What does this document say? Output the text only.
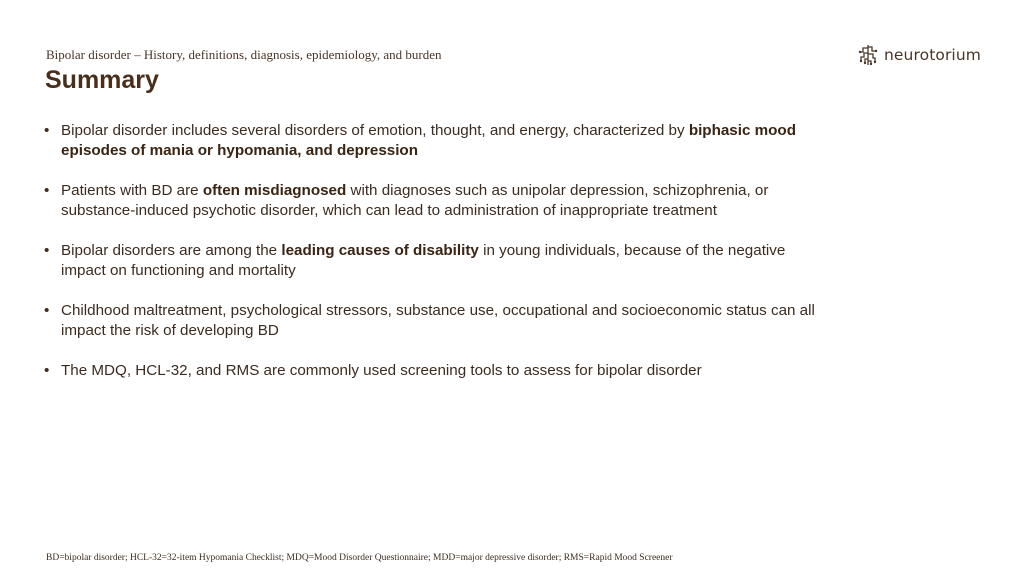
Bipolar disorder – History, definitions, diagnosis, epidemiology, and burden
Summary
neurotorium
• Bipolar disorder includes several disorders of emotion, thought, and energy, characterized by biphasic mood episodes of mania or hypomania, and depression
• Patients with BD are often misdiagnosed with diagnoses such as unipolar depression, schizophrenia, or substance-induced psychotic disorder, which can lead to administration of inappropriate treatment
• Bipolar disorders are among the leading causes of disability in young individuals, because of the negative impact on functioning and mortality
• Childhood maltreatment, psychological stressors, substance use, occupational and socioeconomic status can all impact the risk of developing BD
• The MDQ, HCL-32, and RMS are commonly used screening tools to assess for bipolar disorder
BD=bipolar disorder; HCL-32=32-item Hypomania Checklist; MDQ=Mood Disorder Questionnaire; MDD=major depressive disorder; RMS=Rapid Mood Screener
